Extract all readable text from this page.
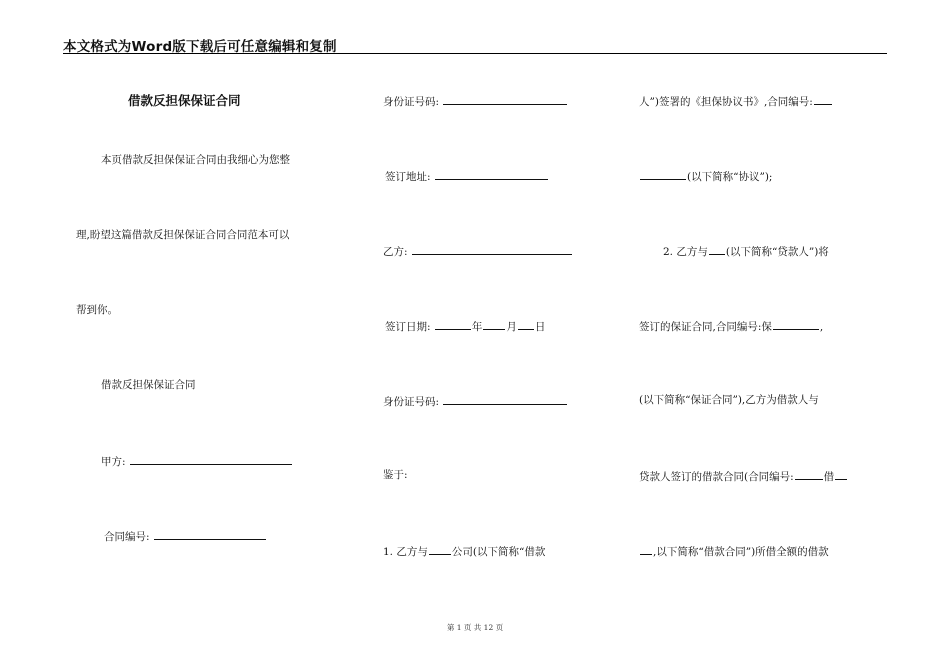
本文格式为Word版下载后可任意编辑和复制
借款反担保保证合同
本页借款反担保保证合同由我细心为您整
理,盼望这篇借款反担保保证合同合同范本可以
帮到你。
借款反担保保证合同
甲方:
合同编号:
身份证号码:
签订地址:
乙方:
签订日期:	年 月 日
身份证号码:
鉴于:
1. 乙方与 公司(以下简称“借款
人”)签署的《担保协议书》,合同编号:
(以下简称“协议”);
2. 乙方与 (以下简称“贷款人”)将
签订的保证合同,合同编号:保	,
(以下简称“保证合同”),乙方为借款人与
贷款人签订的借款合同(合同编号:	借
,以下简称“借款合同”)所借全额的借款
第 1 页 共 12 页
